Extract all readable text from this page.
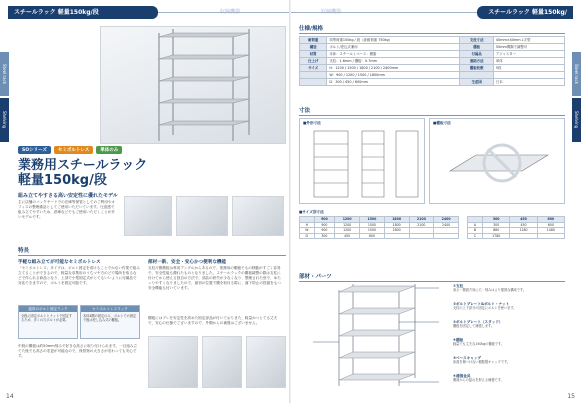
スチールラック 軽量150kg/段	収納機器
Steel rack
Shelving
SOシリーズ	セミボルトレス	単体のみ
業務用スチールラック
軽量150kg/段
組み立てやすさる高い安定性に優れたモデル
主に店舗のバックヤードでの在庫等保管としてのご利用やオフィスの整理備品としてご使用いただいています。圧迫感で組み立てやすいため、倉庫などでもご使用いただくことが多いモデルです。
特長
手軽な組み立てが可能なセミボルトレス
「セミボルトレス」タイプは、ボルト固定を省けることでかない作業で組み立てることができるので、軽量な収集用のうちマヤ方のどで場所を取るなどで作られる商品となり、上部で小型固定式がとてもいいように付属品で対応できますので、ボルトを固定可能です。
通常のボルト固定ラック
全段に固定ボルトとナットで固定するため、多くの穴ボルトが必要。
セミボルトレスラック
本体4隅の固定のみ、ボルトでの固定で後は差し込み式の棚板。
中段の棚板は約50mm刻みで好きな高さに取り付けられます。一旦組み立てた後でも高さの変更が可能なので、保管物の大きさが変わっても安心です。
部材一新、安全・安心かつ便利な機能
支柱片側側板は専用アングルからあるので、業務用の棚板でもの移動がすごく容易で、安全性能も優れたものとなりました。スチールラックの棚板調整の際は支柱に付けてから使える独自の方法で、部品の紛失が少なくなり、整理された形で、ゆたっりやすくなりましたので、最初の位置で棚を取付る際に、落下防止の役割をもつ安全機能も付いています。
棚板にはブレを安定性を高めた固定部品が付いておりまた、軽量かつとても丈夫で、安心の仕様でございますので、外側からの補強はございません。
14
収納機器	スチールラック 軽量150kg/段
Steel rack
Shelving
仕様/規格
耐荷重	均等荷重150kg / 段（総耐荷重 750kg）	支柱寸法	40mm×40mm L字型
構造	ボルト/差込式兼用	棚板	50mm間隔で調整可
材質	本体：スチール / ベース：樹脂	付属品	アジャスター
仕上げ	支柱：1.6mm / 棚板：0.7mm	連結方法	単体
サイズ	H：1200 / 1500 / 1800 / 2100 / 2400mm	棚板枚数	5枚
	W：900 / 1200 / 1500 / 1800mm		
	D：300 / 450 / 600mm	生産国	日本
寸法
■外形寸法	■棚板寸法
■サイズ別寸法
	900	1200	1500	1800	2100	2400
H	900	1200	1500	1800	2100	2400
W	900	1200	1500	1800		
D	300	450	600			
	300	450	600
A	300	450	600
B	880	1180	1480
C	1780		
部材・パーツ
①支柱
高さ・側面方向に穴・刻みはより強固な構成です。
②ボルトプレート&ボルト・ナット
支柱の上下部分の固定にボルトを使います。
③ボルトプレート（スタッド）
棚板を固定して補強します。
④棚板
軽量でも丈夫な150kgの棚板です。
⑤ベースキャップ
床面を傷つけない樹脂製キャップです。
⑥補強金具
側面からの揺れを抑える補強です。
15
